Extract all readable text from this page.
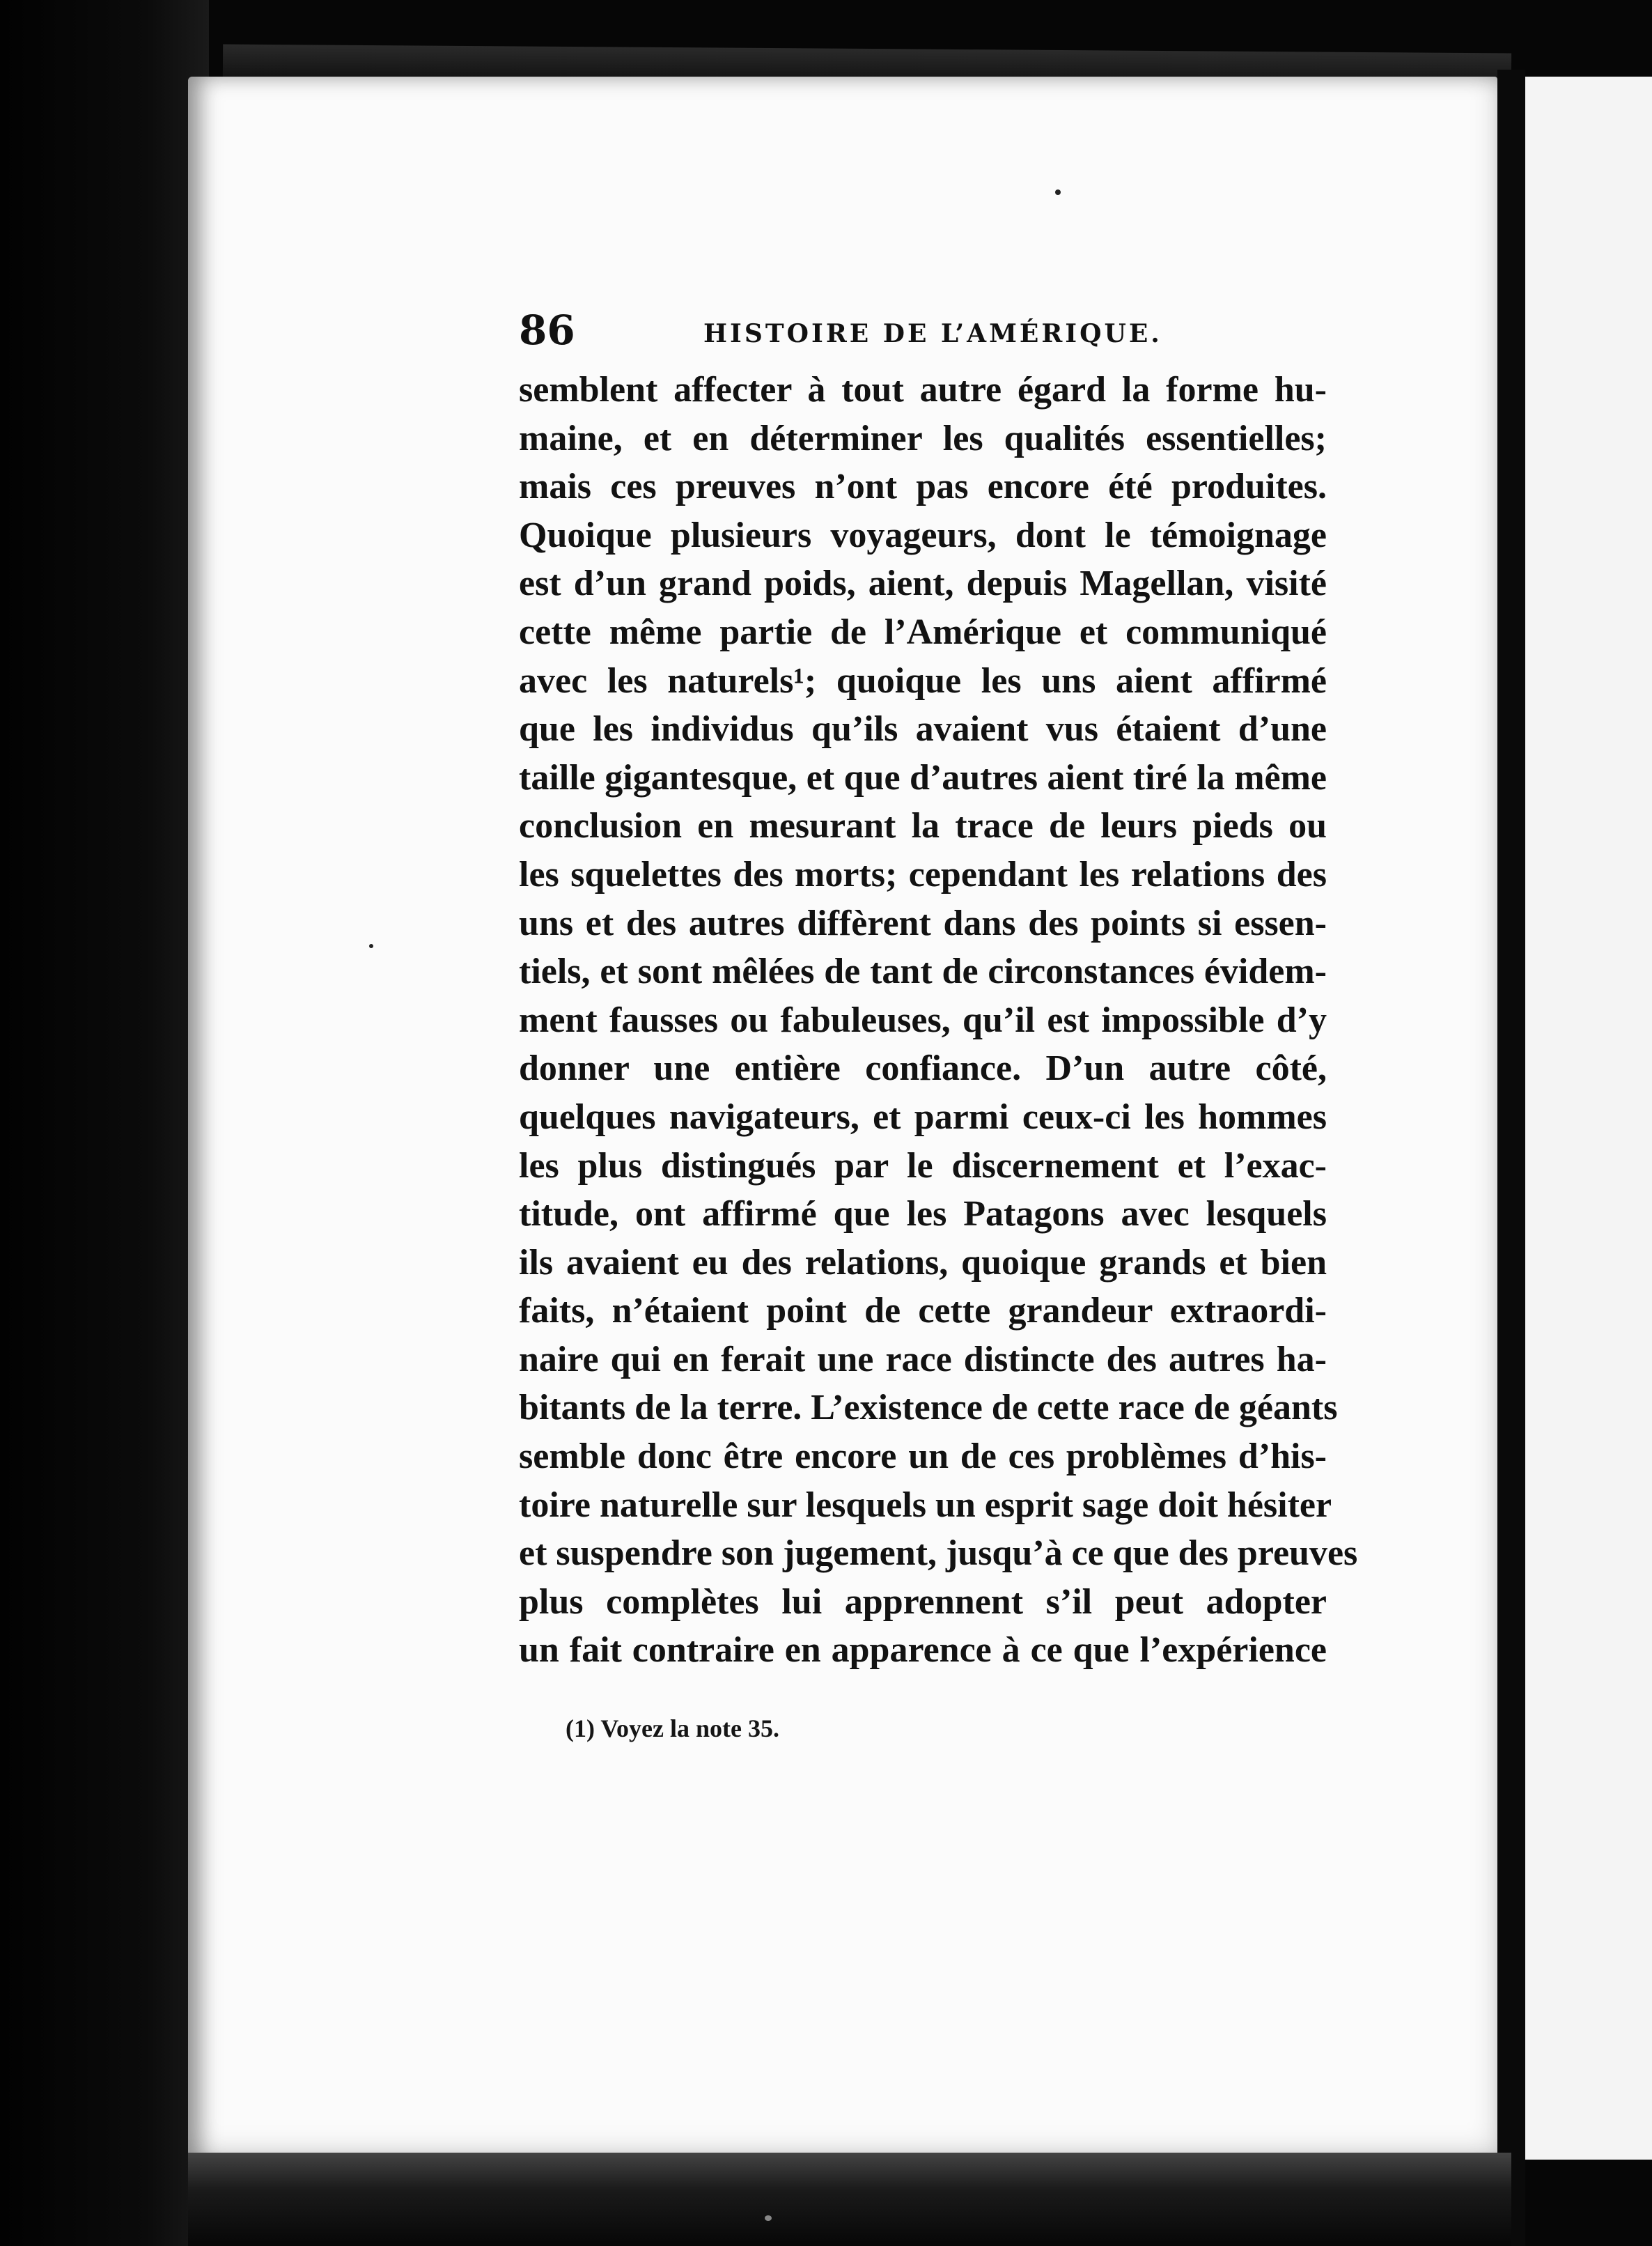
86	HISTOIRE DE L’AMÉRIQUE.
semblent affecter à tout autre égard la forme hu-
maine, et en déterminer les qualités essentielles;
mais ces preuves n’ont pas encore été produites.
Quoique plusieurs voyageurs, dont le témoignage
est d’un grand poids, aient, depuis Magellan, visité
cette même partie de l’Amérique et communiqué
avec les naturels¹; quoique les uns aient affirmé
que les individus qu’ils avaient vus étaient d’une
taille gigantesque, et que d’autres aient tiré la même
conclusion en mesurant la trace de leurs pieds ou
les squelettes des morts; cependant les relations des
uns et des autres diffèrent dans des points si essen-
tiels, et sont mêlées de tant de circonstances évidem-
ment fausses ou fabuleuses, qu’il est impossible d’y
donner une entière confiance. D’un autre côté,
quelques navigateurs, et parmi ceux-ci les hommes
les plus distingués par le discernement et l’exac-
titude, ont affirmé que les Patagons avec lesquels
ils avaient eu des relations, quoique grands et bien
faits, n’étaient point de cette grandeur extraordi-
naire qui en ferait une race distincte des autres ha-
bitants de la terre. L’existence de cette race de géants
semble donc être encore un de ces problèmes d’his-
toire naturelle sur lesquels un esprit sage doit hésiter
et suspendre son jugement, jusqu’à ce que des preuves
plus complètes lui apprennent s’il peut adopter
un fait contraire en apparence à ce que l’expérience
(1) Voyez la note 35.
